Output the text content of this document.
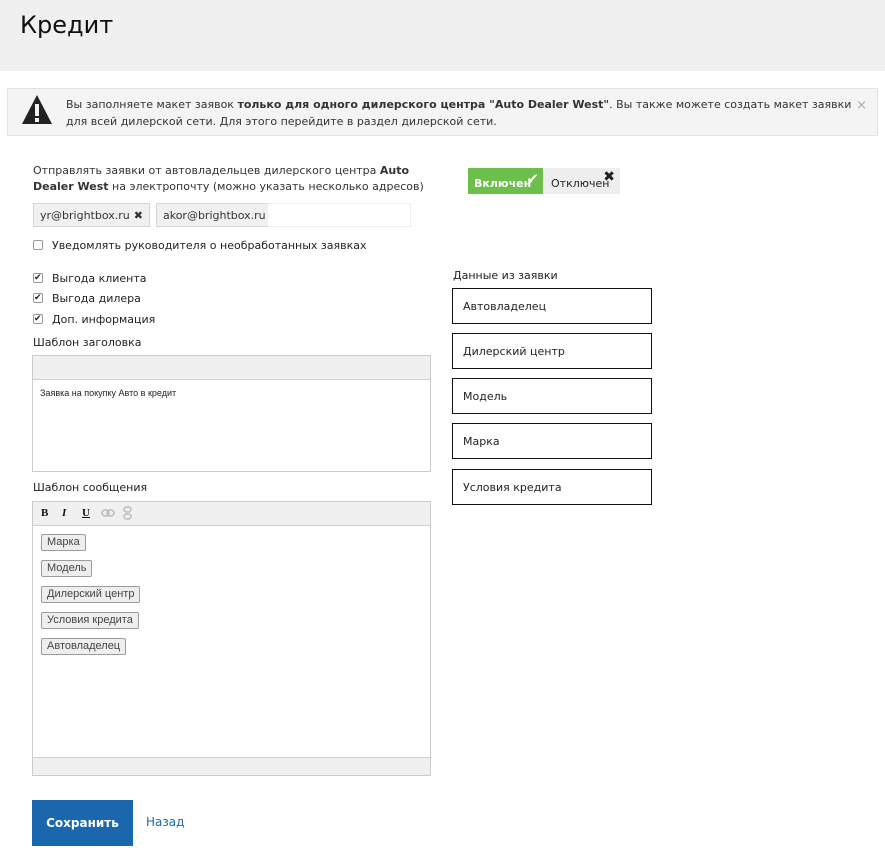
Кредит
Вы заполняете макет заявок только для одного дилерского центра "Auto Dealer West". Вы также можете создать макет заявки для всей дилерской сети. Для этого перейдите в раздел дилерской сети.
×
Отправлять заявки от автовладельцев дилерского центра Auto Dealer West на электропочту (можно указать несколько адресов)	Включен
✔	Отключен
✖
yr@brightbox.ru ✖	akor@brightbox.ru
Уведомлять руководителя о необработанных заявках
✔
Выгода клиента
✔
Выгода дилера
✔
Доп. информация
Шаблон заголовка
Заявка на покупку Авто в кредит
Шаблон сообщения
B I U
Марка
Модель
Дилерский центр
Условия кредита
Автовладелец
Данные из заявки
Автовладелец
Дилерский центр
Модель
Марка
Условия кредита
Сохранить	Назад
